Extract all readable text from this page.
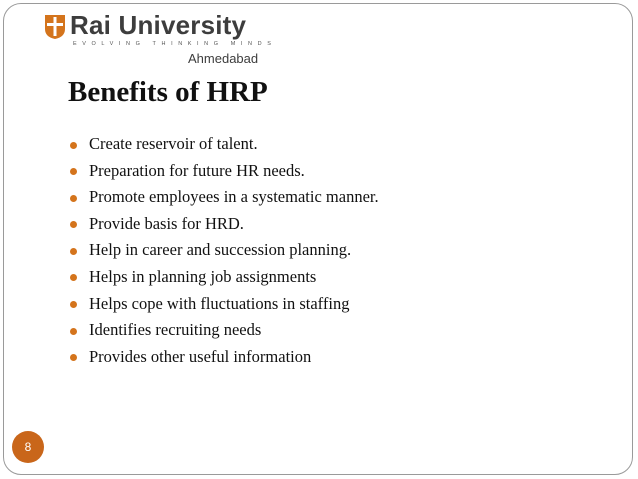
Rai University
EVOLVING THINKING MINDS
Ahmedabad
Benefits of HRP
Create reservoir of talent.
Preparation for future HR needs.
Promote employees in a systematic manner.
Provide basis for HRD.
Help in career and succession planning.
Helps in planning job assignments
Helps cope with fluctuations in staffing
Identifies recruiting needs
Provides other useful information
8
